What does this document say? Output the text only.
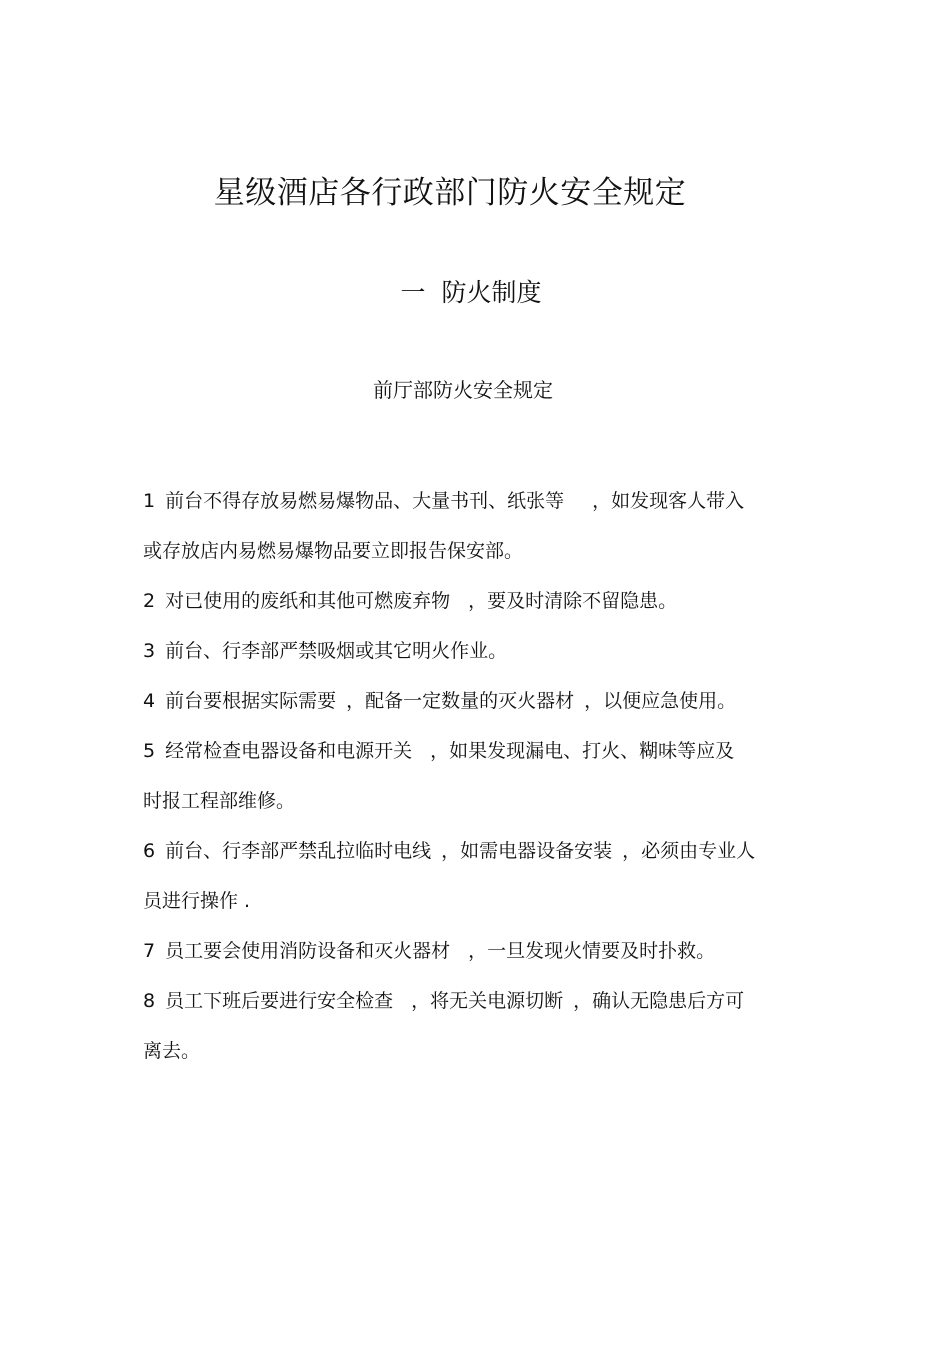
星级酒店各行政部门防火安全规定
一 防火制度
前厅部防火安全规定
1 前台不得存放易燃易爆物品、大量书刊、纸张等 ，如发现客人带入
或存放店内易燃易爆物品要立即报告保安部。
2 对已使用的废纸和其他可燃废弃物 ，要及时清除不留隐患。
3 前台、行李部严禁吸烟或其它明火作业。
4 前台要根据实际需要 ，配备一定数量的灭火器材 ，以便应急使用。
5 经常检查电器设备和电源开关 ，如果发现漏电、打火、糊味等应及
时报工程部维修。
6 前台、行李部严禁乱拉临时电线 ，如需电器设备安装 ，必须由专业人
员进行操作 .
7 员工要会使用消防设备和灭火器材 ，一旦发现火情要及时扑救。
8 员工下班后要进行安全检查 ，将无关电源切断 ，确认无隐患后方可
离去。
